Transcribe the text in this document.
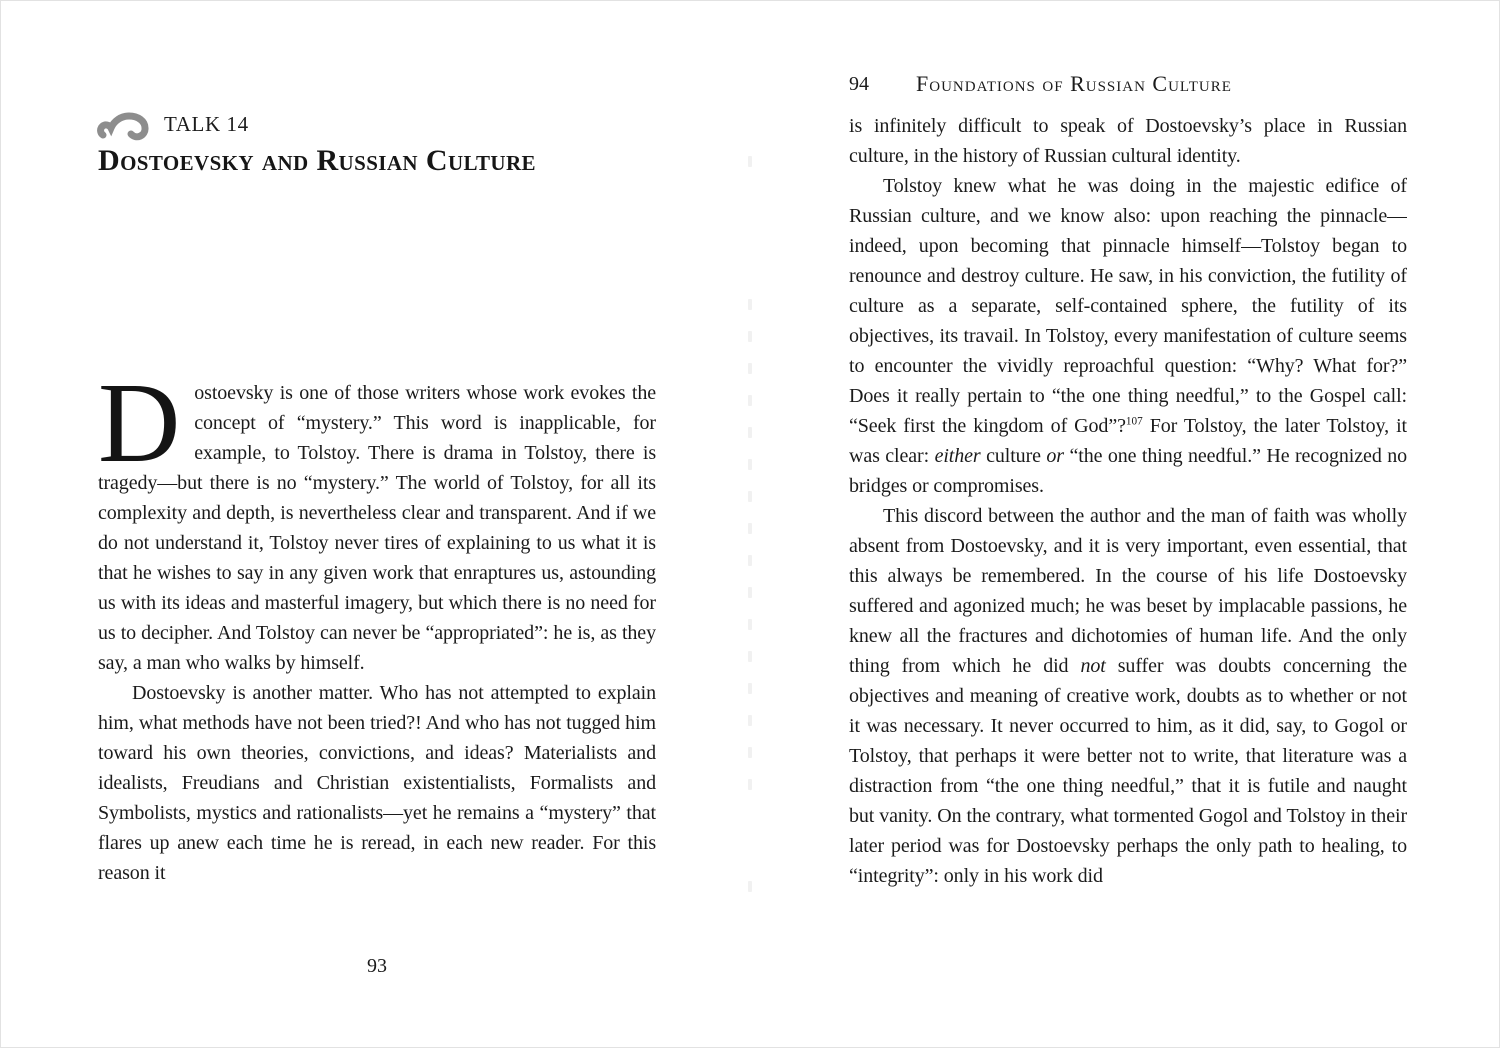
TALK 14
Dostoevsky and Russian Culture

Dostoevsky is one of those writers whose work evokes the concept of “mystery.” This word is inapplicable, for example, to Tolstoy. There is drama in Tolstoy, there is tragedy—but there is no “mystery.” The world of Tolstoy, for all its complexity and depth, is nevertheless clear and transparent. And if we do not understand it, Tolstoy never tires of explaining to us what it is that he wishes to say in any given work that enraptures us, astounding us with its ideas and masterful imagery, but which there is no need for us to decipher. And Tolstoy can never be “appropriated”: he is, as they say, a man who walks by himself.

Dostoevsky is another matter. Who has not attempted to explain him, what methods have not been tried?! And who has not tugged him toward his own theories, convictions, and ideas? Materialists and idealists, Freudians and Christian existentialists, Formalists and Symbolists, mystics and rationalists—yet he remains a “mystery” that flares up anew each time he is reread, in each new reader. For this reason it

93
94 Foundations of Russian Culture

is infinitely difficult to speak of Dostoevsky’s place in Russian culture, in the history of Russian cultural identity.

Tolstoy knew what he was doing in the majestic edifice of Russian culture, and we know also: upon reaching the pinnacle—indeed, upon becoming that pinnacle himself—Tolstoy began to renounce and destroy culture. He saw, in his conviction, the futility of culture as a separate, self-contained sphere, the futility of its objectives, its travail. In Tolstoy, every manifestation of culture seems to encounter the vividly reproachful question: “Why? What for?” Does it really pertain to “the one thing needful,” to the Gospel call: “Seek first the kingdom of God”?$^{107}$ For Tolstoy, the later Tolstoy, it was clear: either culture or “the one thing needful.” He recognized no bridges or compromises.

This discord between the author and the man of faith was wholly absent from Dostoevsky, and it is very important, even essential, that this always be remembered. In the course of his life Dostoevsky suffered and agonized much; he was beset by implacable passions, he knew all the fractures and dichotomies of human life. And the only thing from which he did not suffer was doubts concerning the objectives and meaning of creative work, doubts as to whether or not it was necessary. It never occurred to him, as it did, say, to Gogol or Tolstoy, that perhaps it were better not to write, that literature was a distraction from “the one thing needful,” that it is futile and naught but vanity. On the contrary, what tormented Gogol and Tolstoy in their later period was for Dostoevsky perhaps the only path to healing, to “integrity”: only in his work did
